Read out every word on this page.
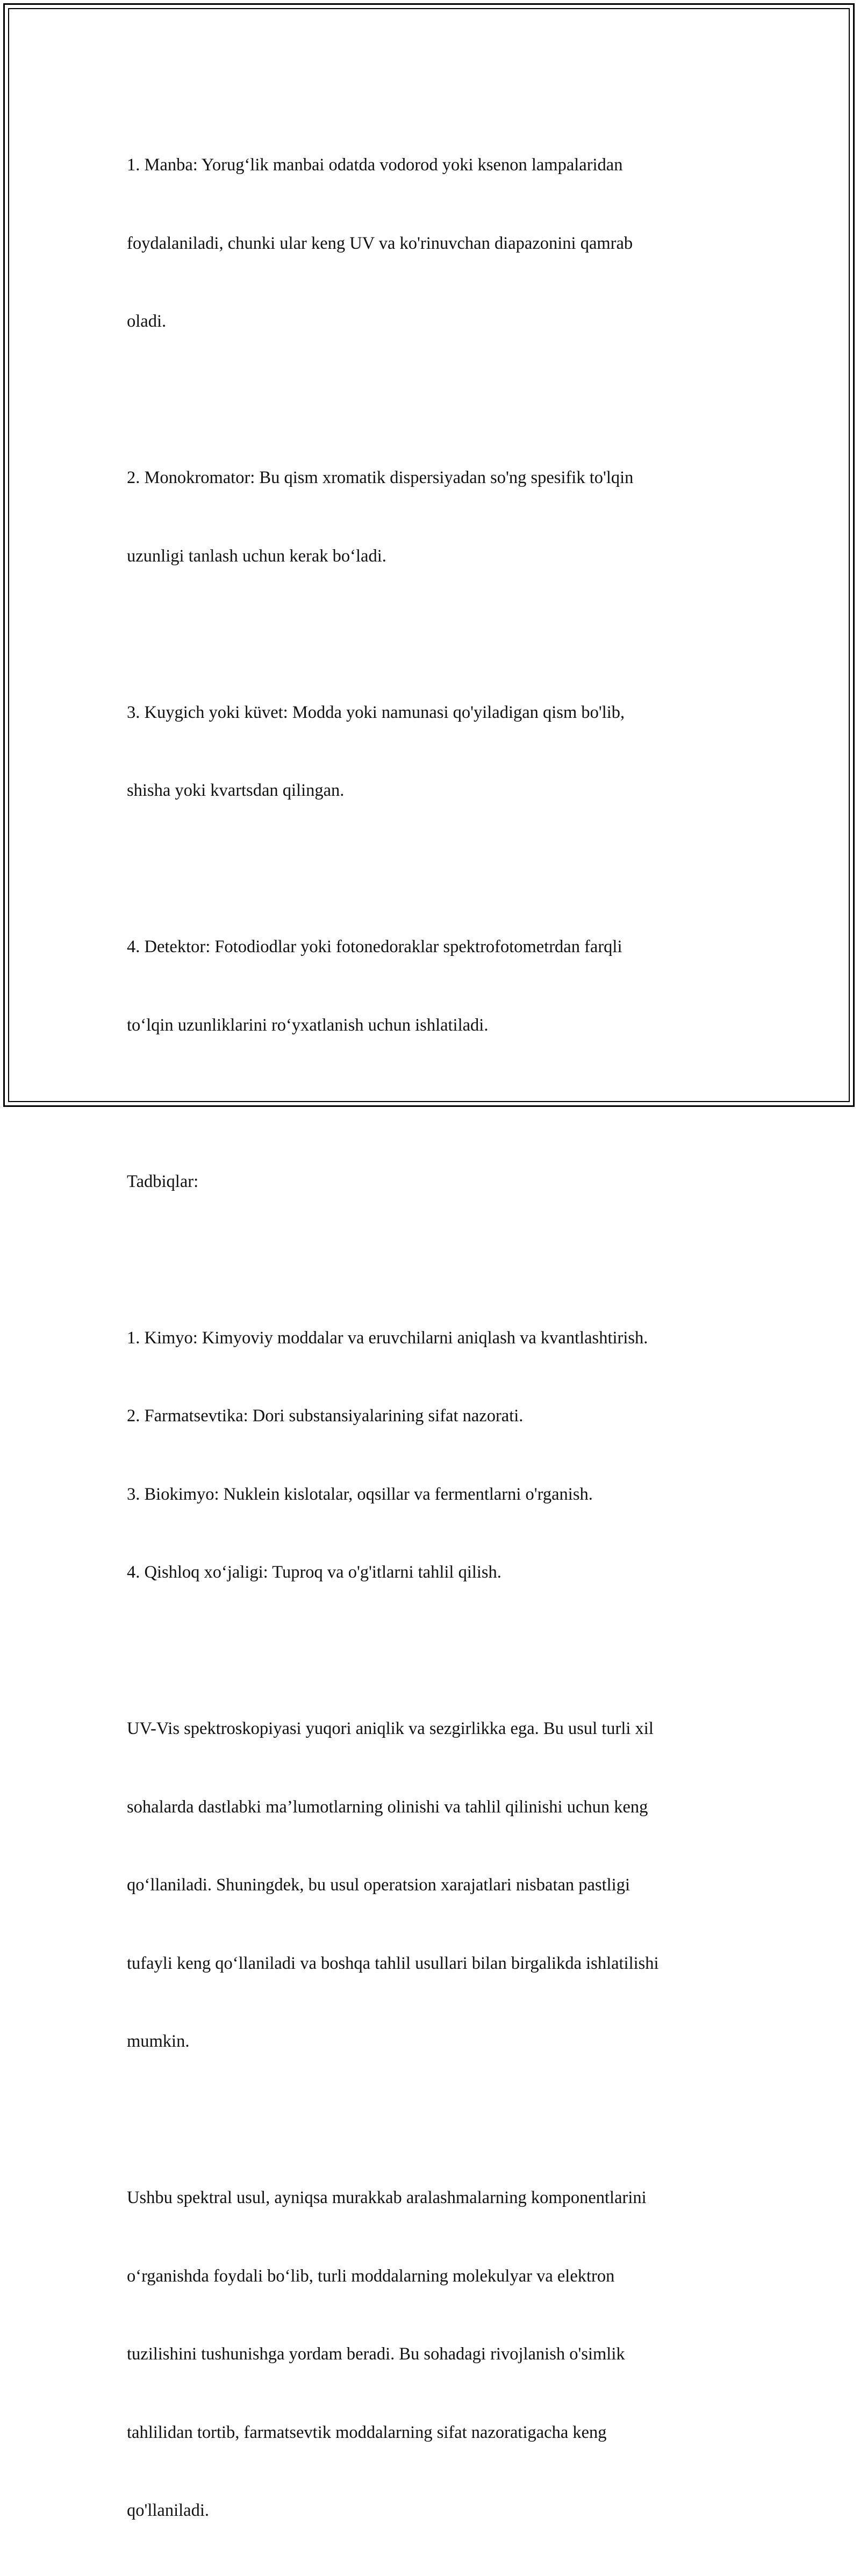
1. Manba: Yorug‘lik manbai odatda vodorod yoki ksenon lampalaridan

foydalaniladi, chunki ular keng UV va ko'rinuvchan diapazonini qamrab

oladi.

2. Monokromator: Bu qism xromatik dispersiyadan so'ng spesifik to'lqin

uzunligi tanlash uchun kerak bo‘ladi.

3. Kuygich yoki küvet: Modda yoki namunasi qo'yiladigan qism bo'lib,

shisha yoki kvartsdan qilingan.

4. Detektor: Fotodiodlar yoki fotonedoraklar spektrofotometrdan farqli

to‘lqin uzunliklarini ro‘yxatlanish uchun ishlatiladi.

Tadbiqlar:

1. Kimyo: Kimyoviy moddalar va eruvchilarni aniqlash va kvantlashtirish.

2. Farmatsevtika: Dori substansiyalarining sifat nazorati.

3. Biokimyo: Nuklein kislotalar, oqsillar va fermentlarni o'rganish.

4. Qishloq xo‘jaligi: Tuproq va o'g'itlarni tahlil qilish.

UV-Vis spektroskopiyasi yuqori aniqlik va sezgirlikka ega. Bu usul turli xil

sohalarda dastlabki ma’lumotlarning olinishi va tahlil qilinishi uchun keng

qo‘llaniladi. Shuningdek, bu usul operatsion xarajatlari nisbatan pastligi

tufayli keng qo‘llaniladi va boshqa tahlil usullari bilan birgalikda ishlatilishi

mumkin.

Ushbu spektral usul, ayniqsa murakkab aralashmalarning komponentlarini

o‘rganishda foydali bo‘lib, turli moddalarning molekulyar va elektron

tuzilishini tushunishga yordam beradi. Bu sohadagi rivojlanish o'simlik

tahlilidan tortib, farmatsevtik moddalarning sifat nazoratigacha keng

qo'llaniladi.
